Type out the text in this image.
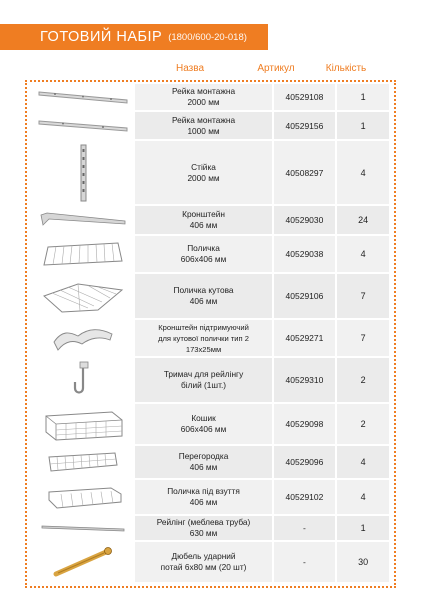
ГОТОВИЙ НАБІР (1800/600-20-018)
Назва	Артикул	Кількість
Рейка монтажна
2000 мм	40529108	1
Рейка монтажна
1000 мм	40529156	1
Стійка
2000 мм	40508297	4
Кронштейн
406 мм	40529030	24
Поличка
606х406 мм	40529038	4
Поличка кутова
406 мм	40529106	7
Кронштейн підтримуючий
для кутової полички тип 2
173х25мм
40529271	7
Тримач для рейлінгу
білий (1шт.)	40529310	2
Кошик
606х406 мм	40529098	2
Перегородка
406 мм	40529096	4
Поличка під взуття
406 мм	40529102	4
Рейлінг (меблева труба)
630 мм	-	1
Дюбель ударний
потай 6х80 мм (20 шт)	-	30
